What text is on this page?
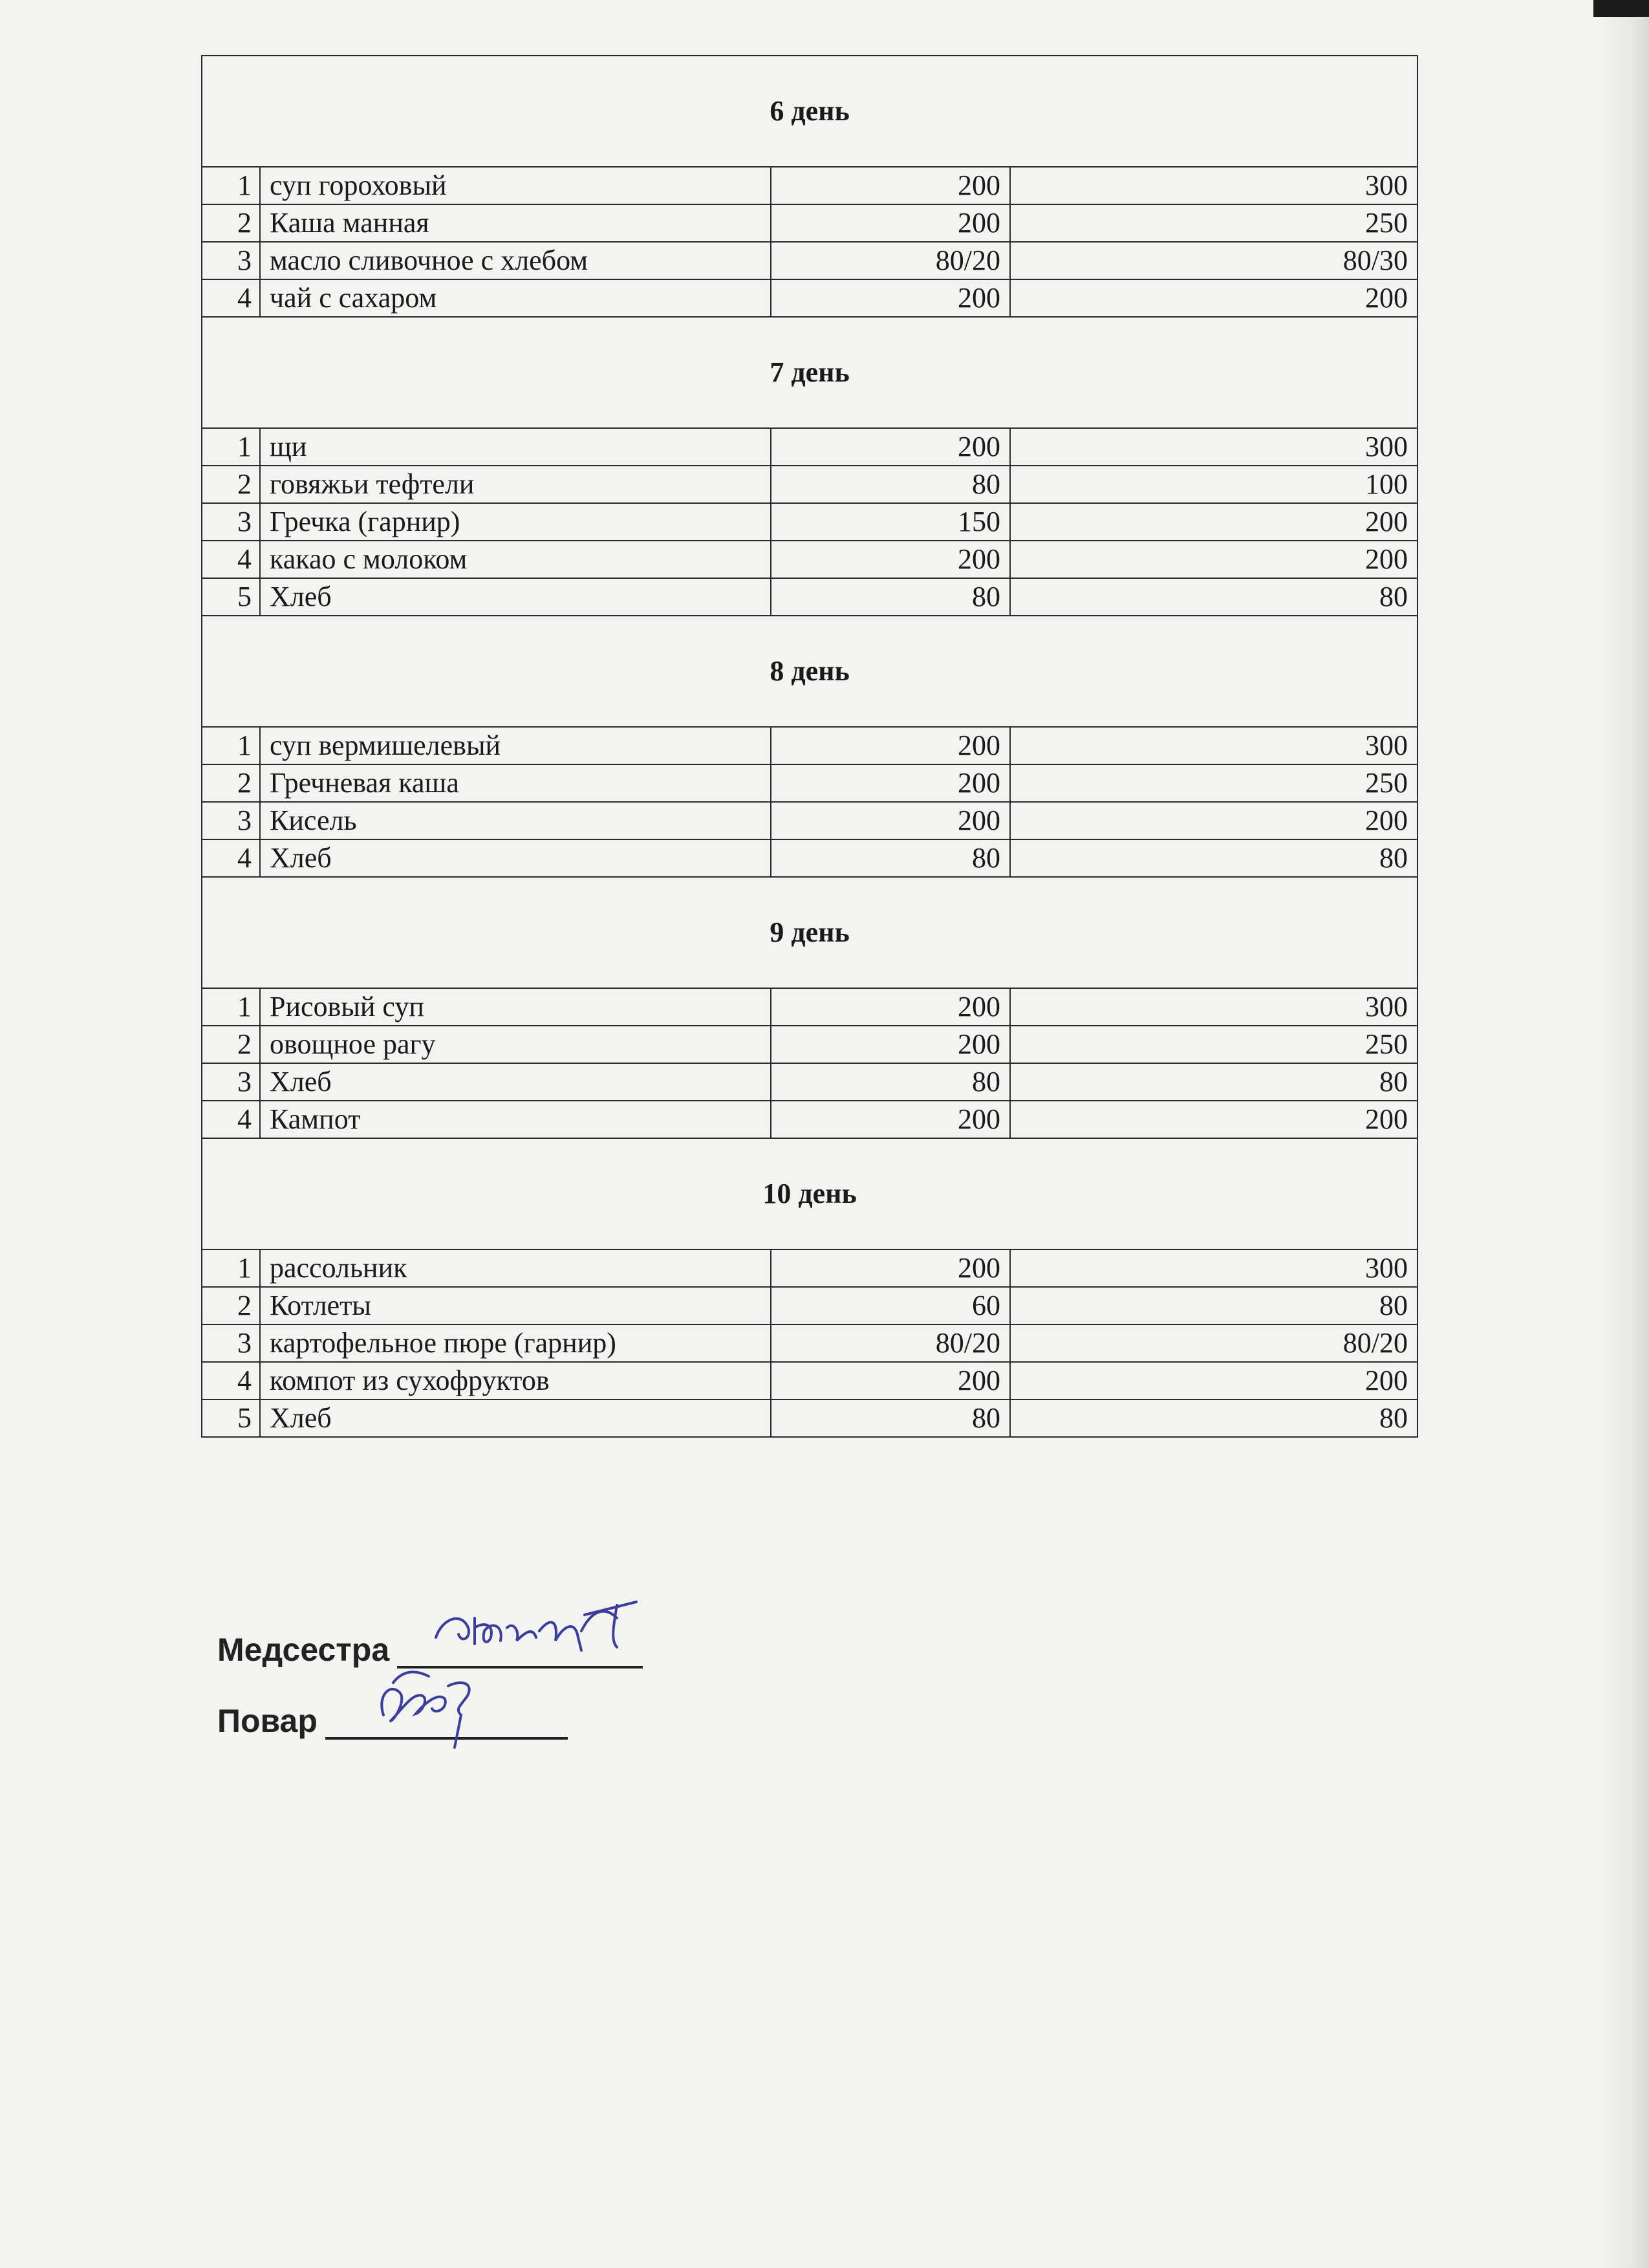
6 день			
1	суп гороховый	200	300
2	Каша манная	200	250
3	масло сливочное с хлебом	80/20	80/30
4	чай с сахаром	200	200
7 день			
1	щи	200	300
2	говяжьи тефтели	80	100
3	Гречка (гарнир)	150	200
4	какао с молоком	200	200
5	Хлеб	80	80
8 день			
1	суп вермишелевый	200	300
2	Гречневая каша	200	250
3	Кисель	200	200
4	Хлеб	80	80
9 день			
1	Рисовый суп	200	300
2	овощное рагу	200	250
3	Хлеб	80	80
4	Кампот	200	200
10 день			
1	рассольник	200	300
2	Котлеты	60	80
3	картофельное пюре (гарнир)	80/20	80/20
4	компот из сухофруктов	200	200
5	Хлеб	80	80
Медсестра
Повар
